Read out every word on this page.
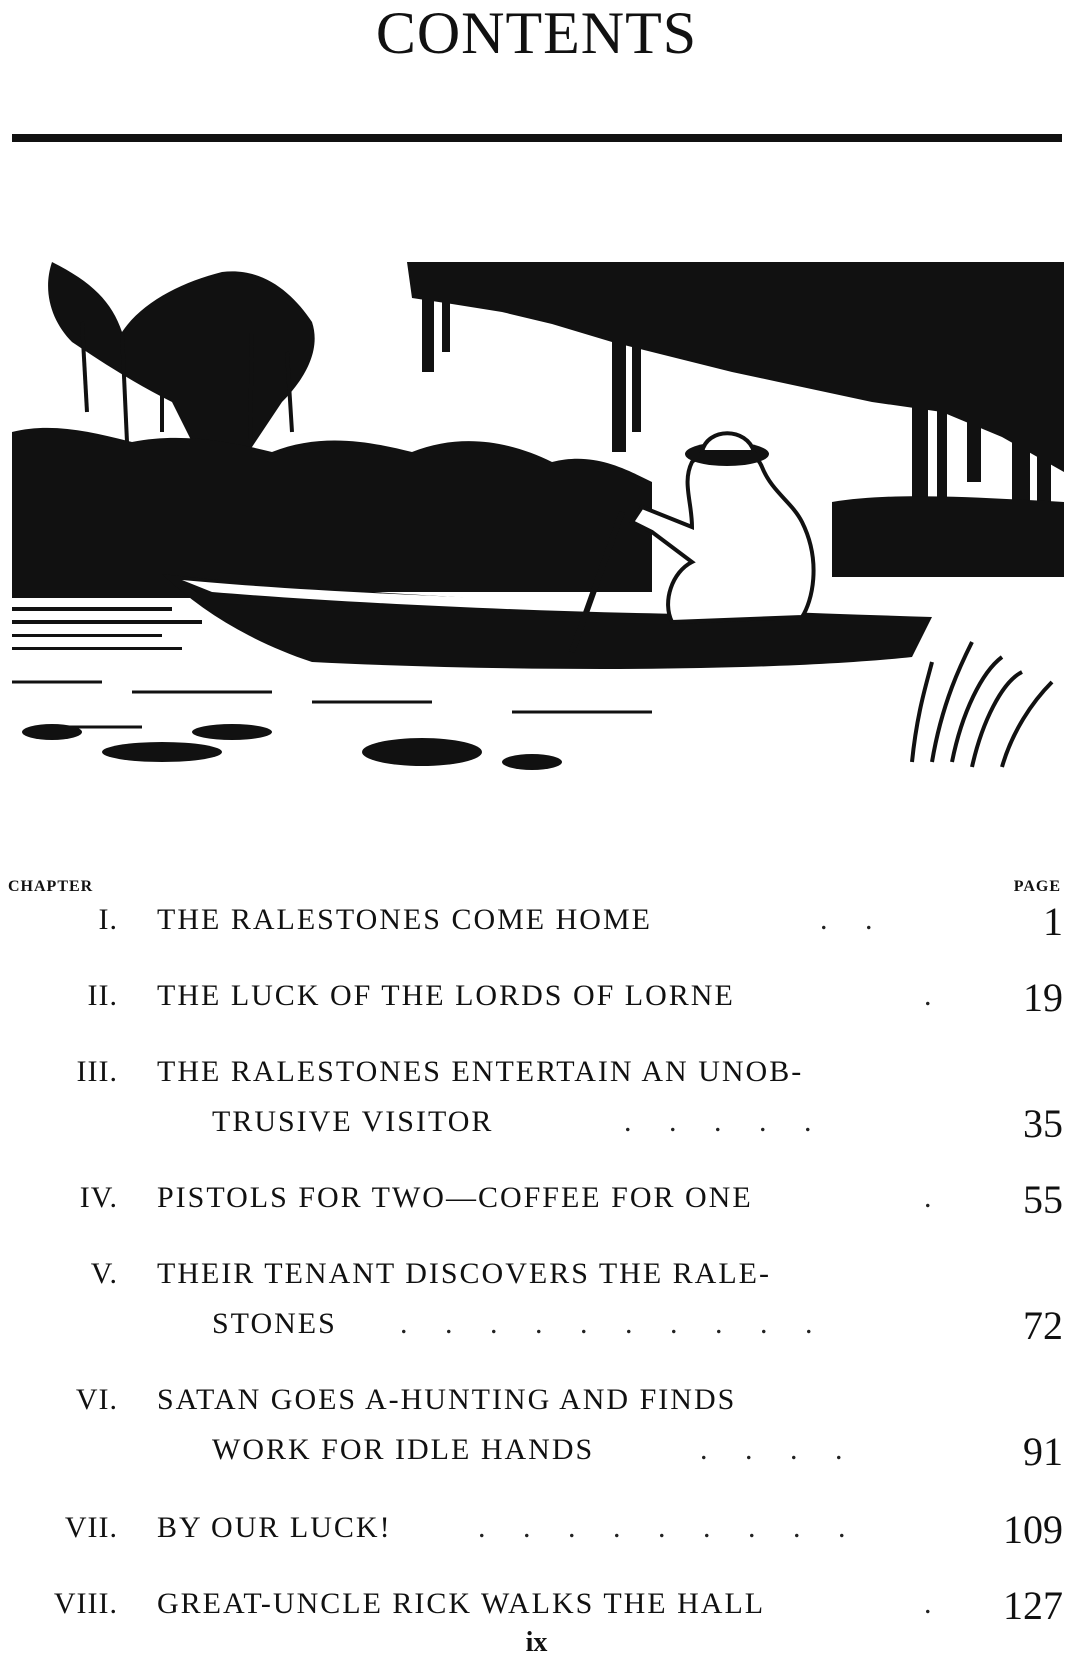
CONTENTS
CHAPTER	PAGE
I. THE RALESTONES COME HOME	.     .	1
II. THE LUCK OF THE LORDS OF LORNE	. 19
III. THE RALESTONES ENTERTAIN AN UNOB-
TRUSIVE VISITOR	.     .     .     .     .	35
IV. PISTOLS FOR TWO—COFFEE FOR ONE	. 55
V. THEIR TENANT DISCOVERS THE RALE-
STONES .     .     .     .     .     .     .     .     .     .	72
VI. SATAN GOES A-HUNTING AND FINDS
WORK FOR IDLE HANDS	.     .     .     .	91
VII. BY OUR LUCK!	.     .     .     .     .     .     .     .     .	109
VIII. GREAT-UNCLE RICK WALKS THE HALL	. 127
ix
